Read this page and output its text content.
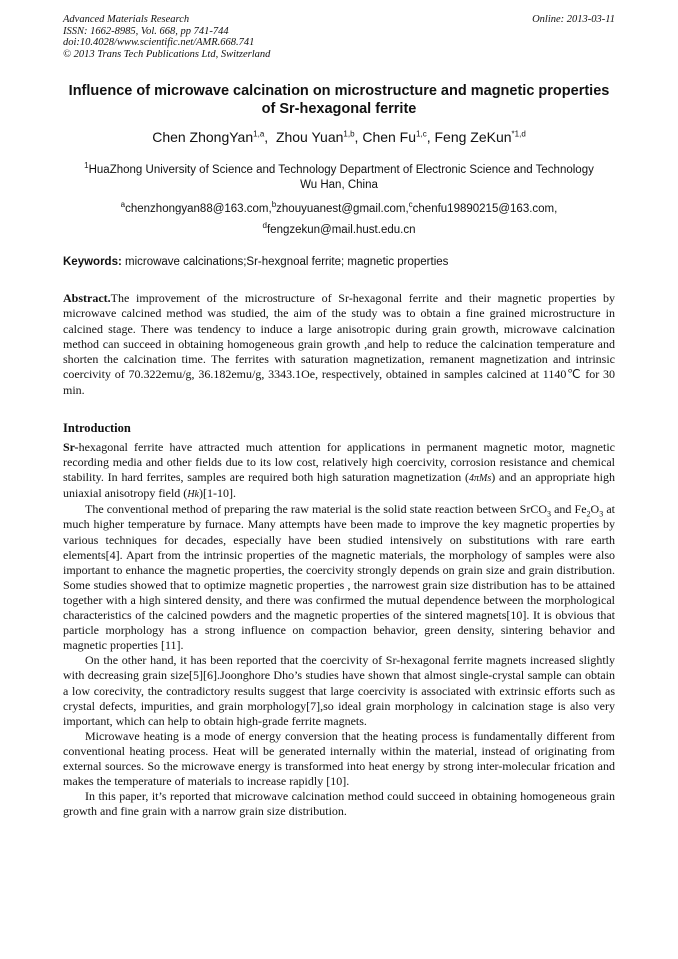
Advanced Materials Research
ISSN: 1662-8985, Vol. 668, pp 741-744
doi:10.4028/www.scientific.net/AMR.668.741
© 2013 Trans Tech Publications Ltd, Switzerland
Online: 2013-03-11
Influence of microwave calcination on microstructure and magnetic properties of Sr-hexagonal ferrite
Chen ZhongYan$^{1,a}$,  Zhou Yuan$^{1,b}$, Chen Fu$^{1,c}$, Feng ZeKun$^{*1,d}$
$^1$HuaZhong University of Science and Technology Department of Electronic Science and Technology Wu Han, China
$^a$chenzhongyan88@163.com,$^b$zhouyuanest@gmail.com,$^c$chenfu19890215@163.com,
$^d$fengzekun@mail.hust.edu.cn
Keywords: microwave calcinations;Sr-hexgnoal ferrite; magnetic properties

Abstract.The improvement of the microstructure of Sr-hexagonal ferrite and their magnetic properties by microwave calcined method was studied, the aim of the study was to obtain a fine grained microstructure in calcined stage. There was tendency to induce a large anisotropic during grain growth, microwave calcination method can succeed in obtaining homogeneous grain growth ,and help to reduce the calcination temperature and shorten the calcination time. The ferrites with saturation magnetization, remanent magnetization and intrinsic coercivity of 70.322emu/g, 36.182emu/g, 3343.1Oe, respectively, obtained in samples calcined at 1140℃ for 30 min.

Introduction

Sr-hexagonal ferrite have attracted much attention for applications in permanent magnetic motor, magnetic recording media and other fields due to its low cost, relatively high coercivity, corrosion resistance and chemical stability. In hard ferrites, samples are required both high saturation magnetization (4πMs) and an appropriate high uniaxial anisotropy field (Hk)[1-10].

The conventional method of preparing the raw material is the solid state reaction between SrCO$_3$ and $Fe_2O_3$ at much higher temperature by furnace. Many attempts have been made to improve the key magnetic properties by various techniques for decades, especially have been studied intensively on substitutions with rare earth elements[4]. Apart from the intrinsic properties of the magnetic materials, the morphology of samples were also important to enhance the magnetic properties, the coercivity strongly depends on grain size and grain distribution. Some studies showed that to optimize magnetic properties , the narrowest grain size distribution has to be attained together with a high sintered density, and there was confirmed the mutual dependence between the morphological characteristics of the calcined powders and the magnetic properties of the sintered magnets[10]. It is obvious that particle morphology has a strong influence on compaction behavior, green density, sintering behavior and magnetic properties [11].

On the other hand, it has been reported that the coercivity of Sr-hexagonal ferrite magnets increased slightly with decreasing grain size[5][6].Joonghore Dho’s studies have shown that almost single-crystal sample can obtain a low corecivity, the contradictory results suggest that large coercivity is associated with extrinsic efforts such as crystal defects, impurities, and grain morphology[7],so ideal grain morphology in calcination stage is also very important, which can help to obtain high-grade ferrite magnets.

Microwave heating is a mode of energy conversion that the heating process is fundamentally different from conventional heating process. Heat will be generated internally within the material, instead of originating from external sources. So the microwave energy is transformed into heat energy by strong inter-molecular frication and makes the temperature of materials to increase rapidly [10].

In this paper, it’s reported that microwave calcination method could succeed in obtaining homogeneous grain growth and fine grain with a narrow grain size distribution.
